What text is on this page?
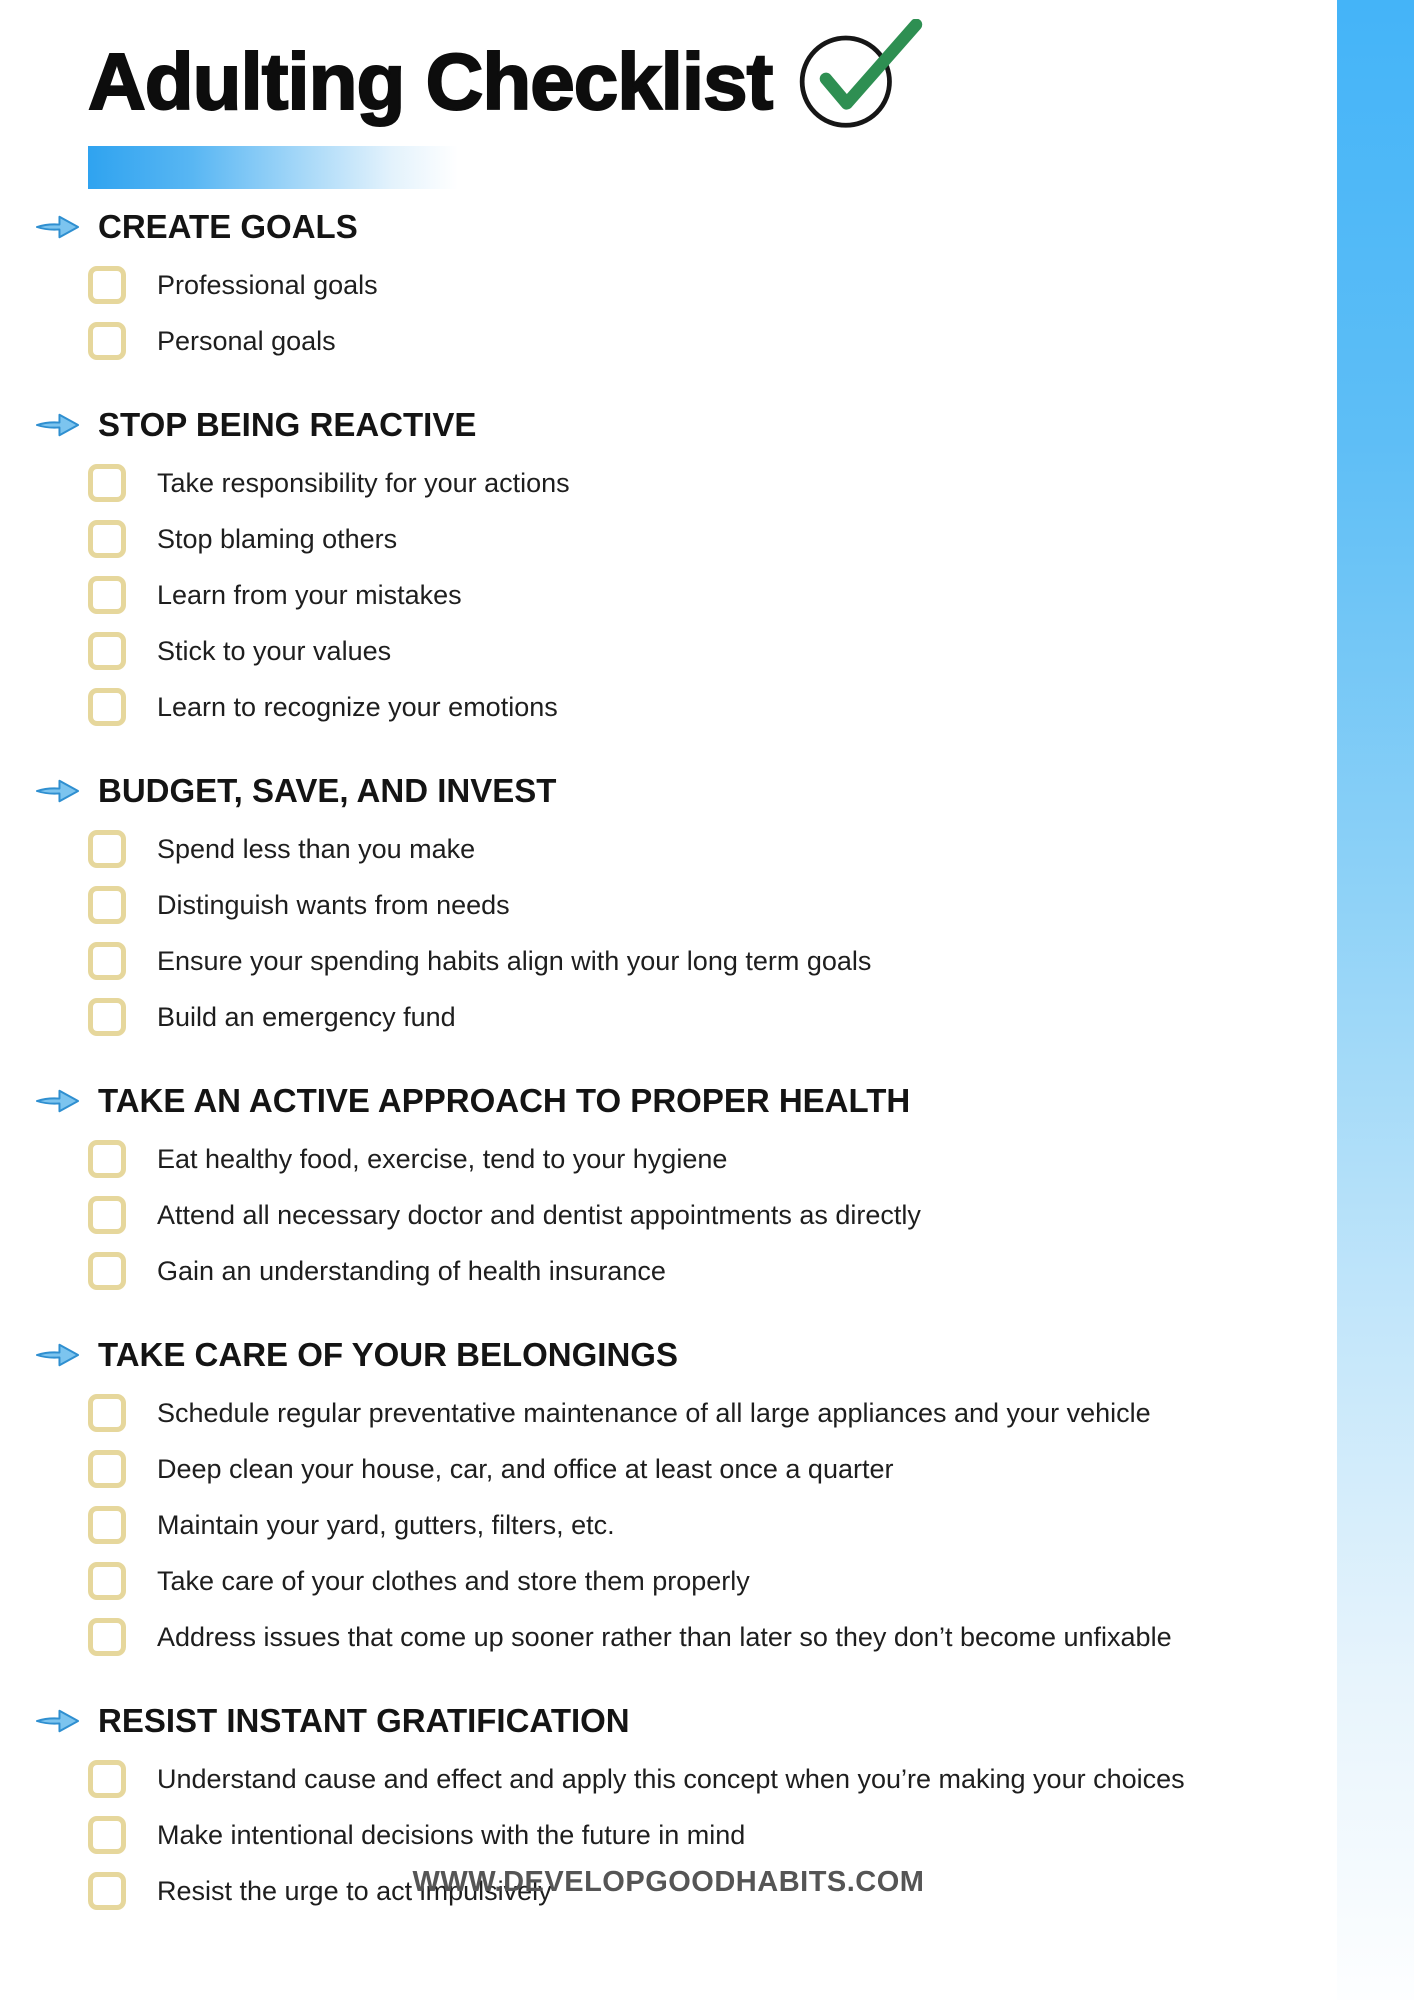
Adulting Checklist
CREATE GOALS
Professional goals
Personal goals
STOP BEING REACTIVE
Take responsibility for your actions
Stop blaming others
Learn from your mistakes
Stick to your values
Learn to recognize your emotions
BUDGET, SAVE, AND INVEST
Spend less than you make
Distinguish wants from needs
Ensure your spending habits align with your long term goals
Build an emergency fund
TAKE AN ACTIVE APPROACH TO PROPER HEALTH
Eat healthy food, exercise, tend to your hygiene
Attend all necessary doctor and dentist appointments as directly
Gain an understanding of health insurance
TAKE CARE OF YOUR BELONGINGS
Schedule regular preventative maintenance of all large appliances and your vehicle
Deep clean your house, car, and office at least once a quarter
Maintain your yard, gutters, filters, etc.
Take care of your clothes and store them properly
Address issues that come up sooner rather than later so they don’t become unfixable
RESIST INSTANT GRATIFICATION
Understand cause and effect and apply this concept when you’re making your choices
Make intentional decisions with the future in mind
Resist the urge to act impulsively
WWW.DEVELOPGOODHABITS.COM
